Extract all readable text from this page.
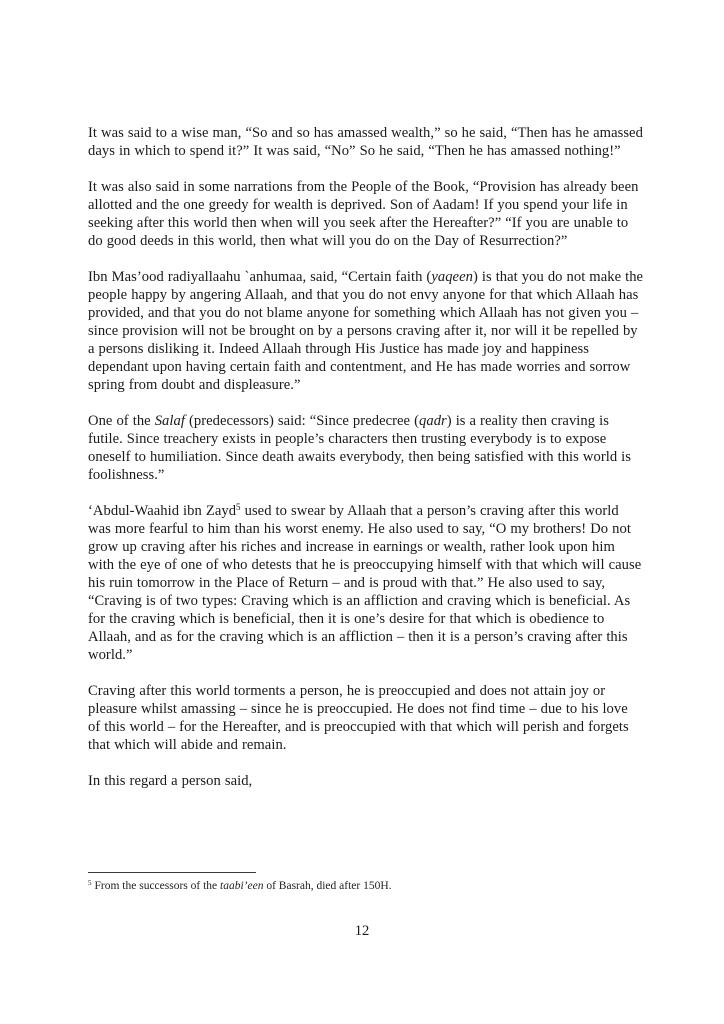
It was said to a wise man, “So and so has amassed wealth,” so he said, “Then has he amassed days in which to spend it?” It was said, “No” So he said, “Then he has amassed nothing!”

It was also said in some narrations from the People of the Book, “Provision has already been allotted and the one greedy for wealth is deprived. Son of Aadam! If you spend your life in seeking after this world then when will you seek after the Hereafter?” “If you are unable to do good deeds in this world, then what will you do on the Day of Resurrection?”

Ibn Mas’ood radiyallaahu `anhumaa, said, “Certain faith (yaqeen) is that you do not make the people happy by angering Allaah, and that you do not envy anyone for that which Allaah has provided, and that you do not blame anyone for something which Allaah has not given you – since provision will not be brought on by a persons craving after it, nor will it be repelled by a persons disliking it. Indeed Allaah through His Justice has made joy and happiness dependant upon having certain faith and contentment, and He has made worries and sorrow spring from doubt and displeasure.”

One of the Salaf (predecessors) said: “Since predecree (qadr) is a reality then craving is futile. Since treachery exists in people’s characters then trusting everybody is to expose oneself to humiliation. Since death awaits everybody, then being satisfied with this world is foolishness.”

‘Abdul-Waahid ibn Zayd$^5$ used to swear by Allaah that a person’s craving after this world was more fearful to him than his worst enemy. He also used to say, “O my brothers! Do not grow up craving after his riches and increase in earnings or wealth, rather look upon him with the eye of one of who detests that he is preoccupying himself with that which will cause his ruin tomorrow in the Place of Return – and is proud with that.” He also used to say, “Craving is of two types: Craving which is an affliction and craving which is beneficial. As for the craving which is beneficial, then it is one’s desire for that which is obedience to Allaah, and as for the craving which is an affliction – then it is a person’s craving after this world.”

Craving after this world torments a person, he is preoccupied and does not attain joy or pleasure whilst amassing – since he is preoccupied. He does not find time – due to his love of this world – for the Hereafter, and is preoccupied with that which will perish and forgets that which will abide and remain.

In this regard a person said,

$^5$ From the successors of the taabi’een of Basrah, died after 150H.
12
